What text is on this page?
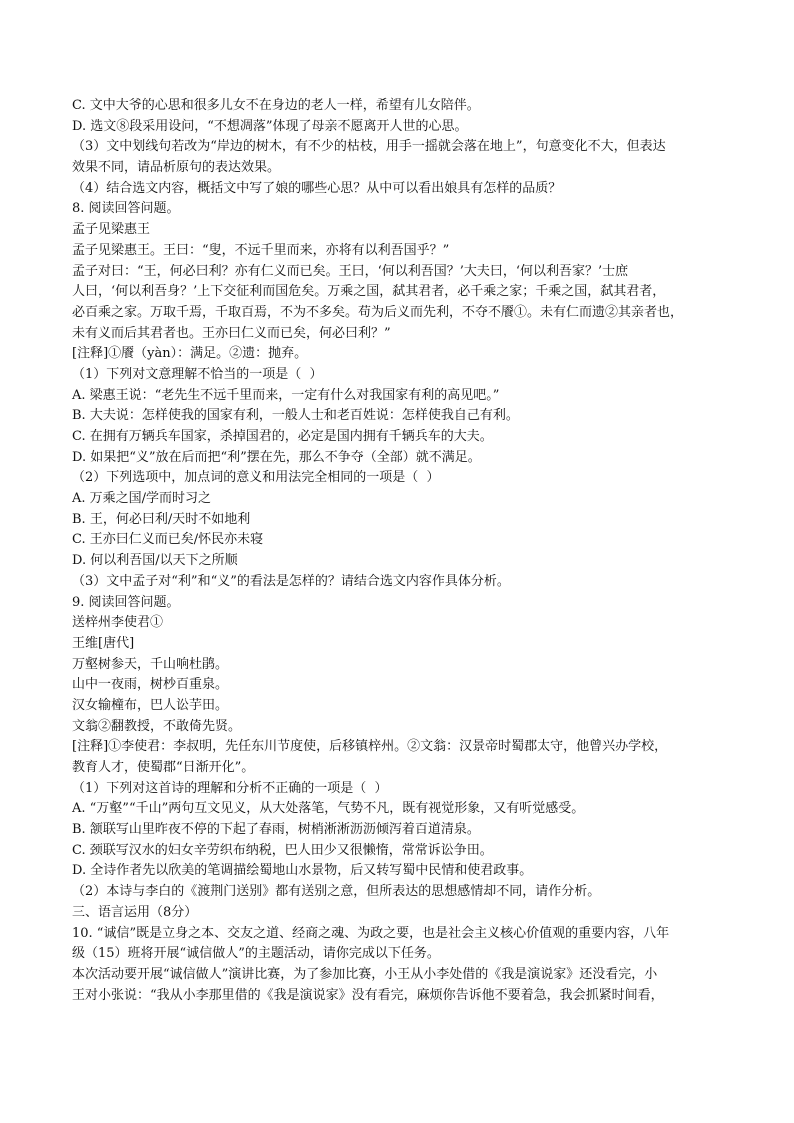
C. 文中大爷的心思和很多儿女不在身边的老人一样，希望有儿女陪伴。
D. 选文⑧段采用设问，“不想凋落”体现了母亲不愿离开人世的心思。
（3）文中划线句若改为“岸边的树木，有不少的枯枝，用手一摇就会落在地上”，句意变化不大，但表达
效果不同，请品析原句的表达效果。
（4）结合选文内容，概括文中写了娘的哪些心思？从中可以看出娘具有怎样的品质？
8. 阅读回答问题。
孟子见梁惠王
孟子见梁惠王。王曰：“叟，不远千里而来，亦将有以利吾国乎？”
孟子对曰：“王，何必曰利？亦有仁义而已矣。王曰，‘何以利吾国？’大夫曰，‘何以利吾家？’士庶
人曰，‘何以利吾身？’上下交征利而国危矣。万乘之国，弑其君者，必千乘之家；千乘之国，弑其君者，
必百乘之家。万取千焉，千取百焉，不为不多矣。苟为后义而先利，不夺不餍①。未有仁而遗②其亲者也，
未有义而后其君者也。王亦曰仁义而已矣，何必曰利？”
[注释]①餍（yàn）：满足。②遗：抛弃。
（1）下列对文意理解不恰当的一项是（  ）
A. 梁惠王说：“老先生不远千里而来，一定有什么对我国家有利的高见吧。”
B. 大夫说：怎样使我的国家有利，一般人士和老百姓说：怎样使我自己有利。
C. 在拥有万辆兵车国家，杀掉国君的，必定是国内拥有千辆兵车的大夫。
D. 如果把“义”放在后而把“利”摆在先，那么不争夺（全部）就不满足。
（2）下列选项中，加点词的意义和用法完全相同的一项是（  ）
A. 万乘之国/学而时习之
B. 王，何必曰利/天时不如地利
C. 王亦曰仁义而已矣/怀民亦未寝
D. 何以利吾国/以天下之所顺
（3）文中孟子对“利”和“义”的看法是怎样的？请结合选文内容作具体分析。
9. 阅读回答问题。
送梓州李使君①
王维[唐代]
万壑树参天，千山响杜鹃。
山中一夜雨，树杪百重泉。
汉女输橦布，巴人讼芋田。
文翁②翻教授，不敢倚先贤。
[注释]①李使君：李叔明，先任东川节度使，后移镇梓州。②文翁：汉景帝时蜀郡太守，他曾兴办学校，
教育人才，使蜀郡“日渐开化”。
（1）下列对这首诗的理解和分析不正确的一项是（  ）
A. “万壑”“千山”两句互文见义，从大处落笔，气势不凡，既有视觉形象，又有听觉感受。
B. 颔联写山里昨夜不停的下起了春雨，树梢淅淅沥沥倾泻着百道清泉。
C. 颈联写汉水的妇女辛劳织布纳税，巴人田少又很懒惰，常常诉讼争田。
D. 全诗作者先以欣美的笔调描绘蜀地山水景物，后又转写蜀中民情和使君政事。
（2）本诗与李白的《渡荆门送别》都有送别之意，但所表达的思想感情却不同，请作分析。
三、语言运用（8分）
10. “诚信”既是立身之本、交友之道、经商之魂、为政之要，也是社会主义核心价值观的重要内容，八年
级（15）班将开展“诚信做人”的主题活动，请你完成以下任务。
本次活动要开展“诚信做人”演讲比赛，为了参加比赛，小王从小李处借的《我是演说家》还没看完，小
王对小张说：“我从小李那里借的《我是演说家》没有看完，麻烦你告诉他不要着急，我会抓紧时间看，
